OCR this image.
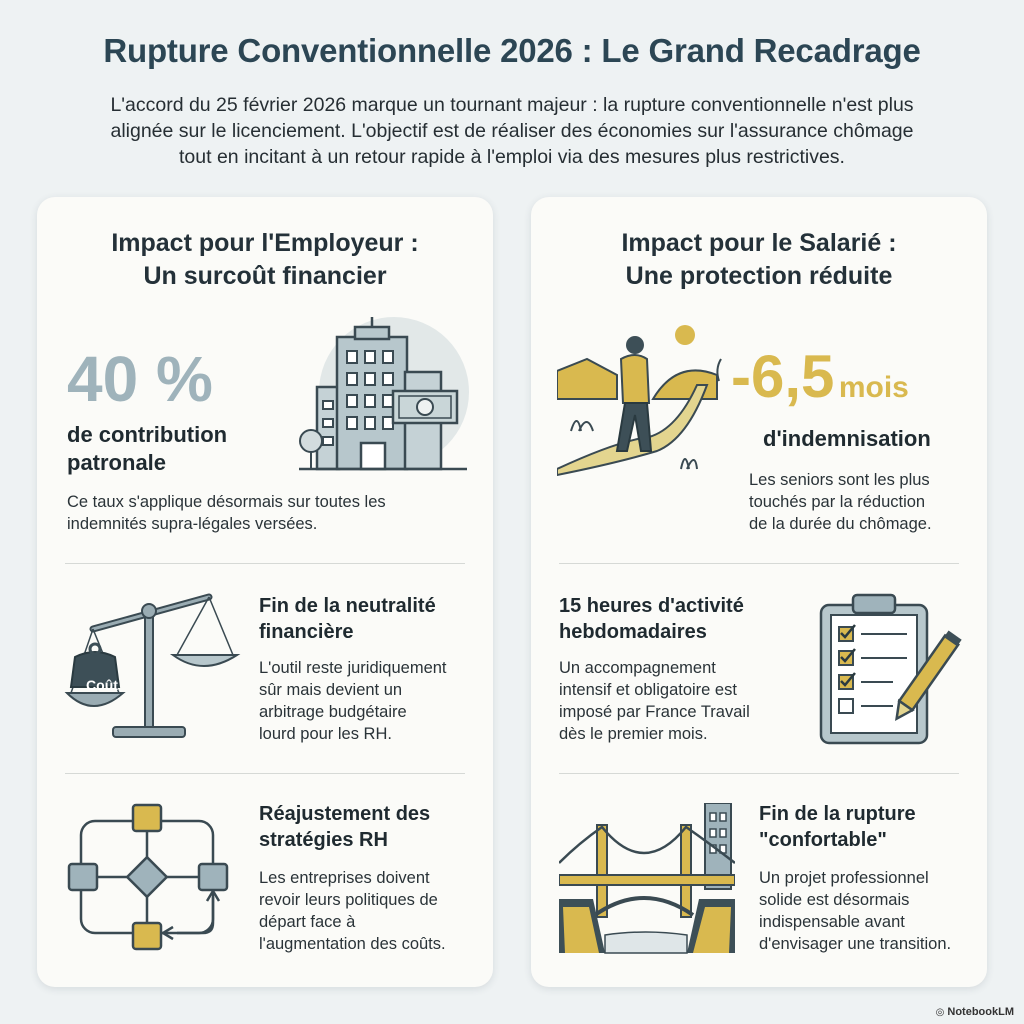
Rupture Conventionnelle 2026 : Le Grand Recadrage
L'accord du 25 février 2026 marque un tournant majeur : la rupture conventionnelle n'est plus
alignée sur le licenciement. L'objectif est de réaliser des économies sur l'assurance chômage
tout en incitant à un retour rapide à l'emploi via des mesures plus restrictives.
Impact pour l'Employeur :
Un surcoût financier
40 %
de contribution
patronale
Ce taux s'applique désormais sur toutes les
indemnités supra-légales versées.
Coût
Fin de la neutralité
financière
L'outil reste juridiquement
sûr mais devient un
arbitrage budgétaire
lourd pour les RH.
Réajustement des
stratégies RH
Les entreprises doivent
revoir leurs politiques de
départ face à
l'augmentation des coûts.
Impact pour le Salarié :
Une protection réduite
-6,5 mois
d'indemnisation
Les seniors sont les plus
touchés par la réduction
de la durée du chômage.
15 heures d'activité
hebdomadaires
Un accompagnement
intensif et obligatoire est
imposé par France Travail
dès le premier mois.
Fin de la rupture
"confortable"
Un projet professionnel
solide est désormais
indispensable avant
d'envisager une transition.
◎ NotebookLM
